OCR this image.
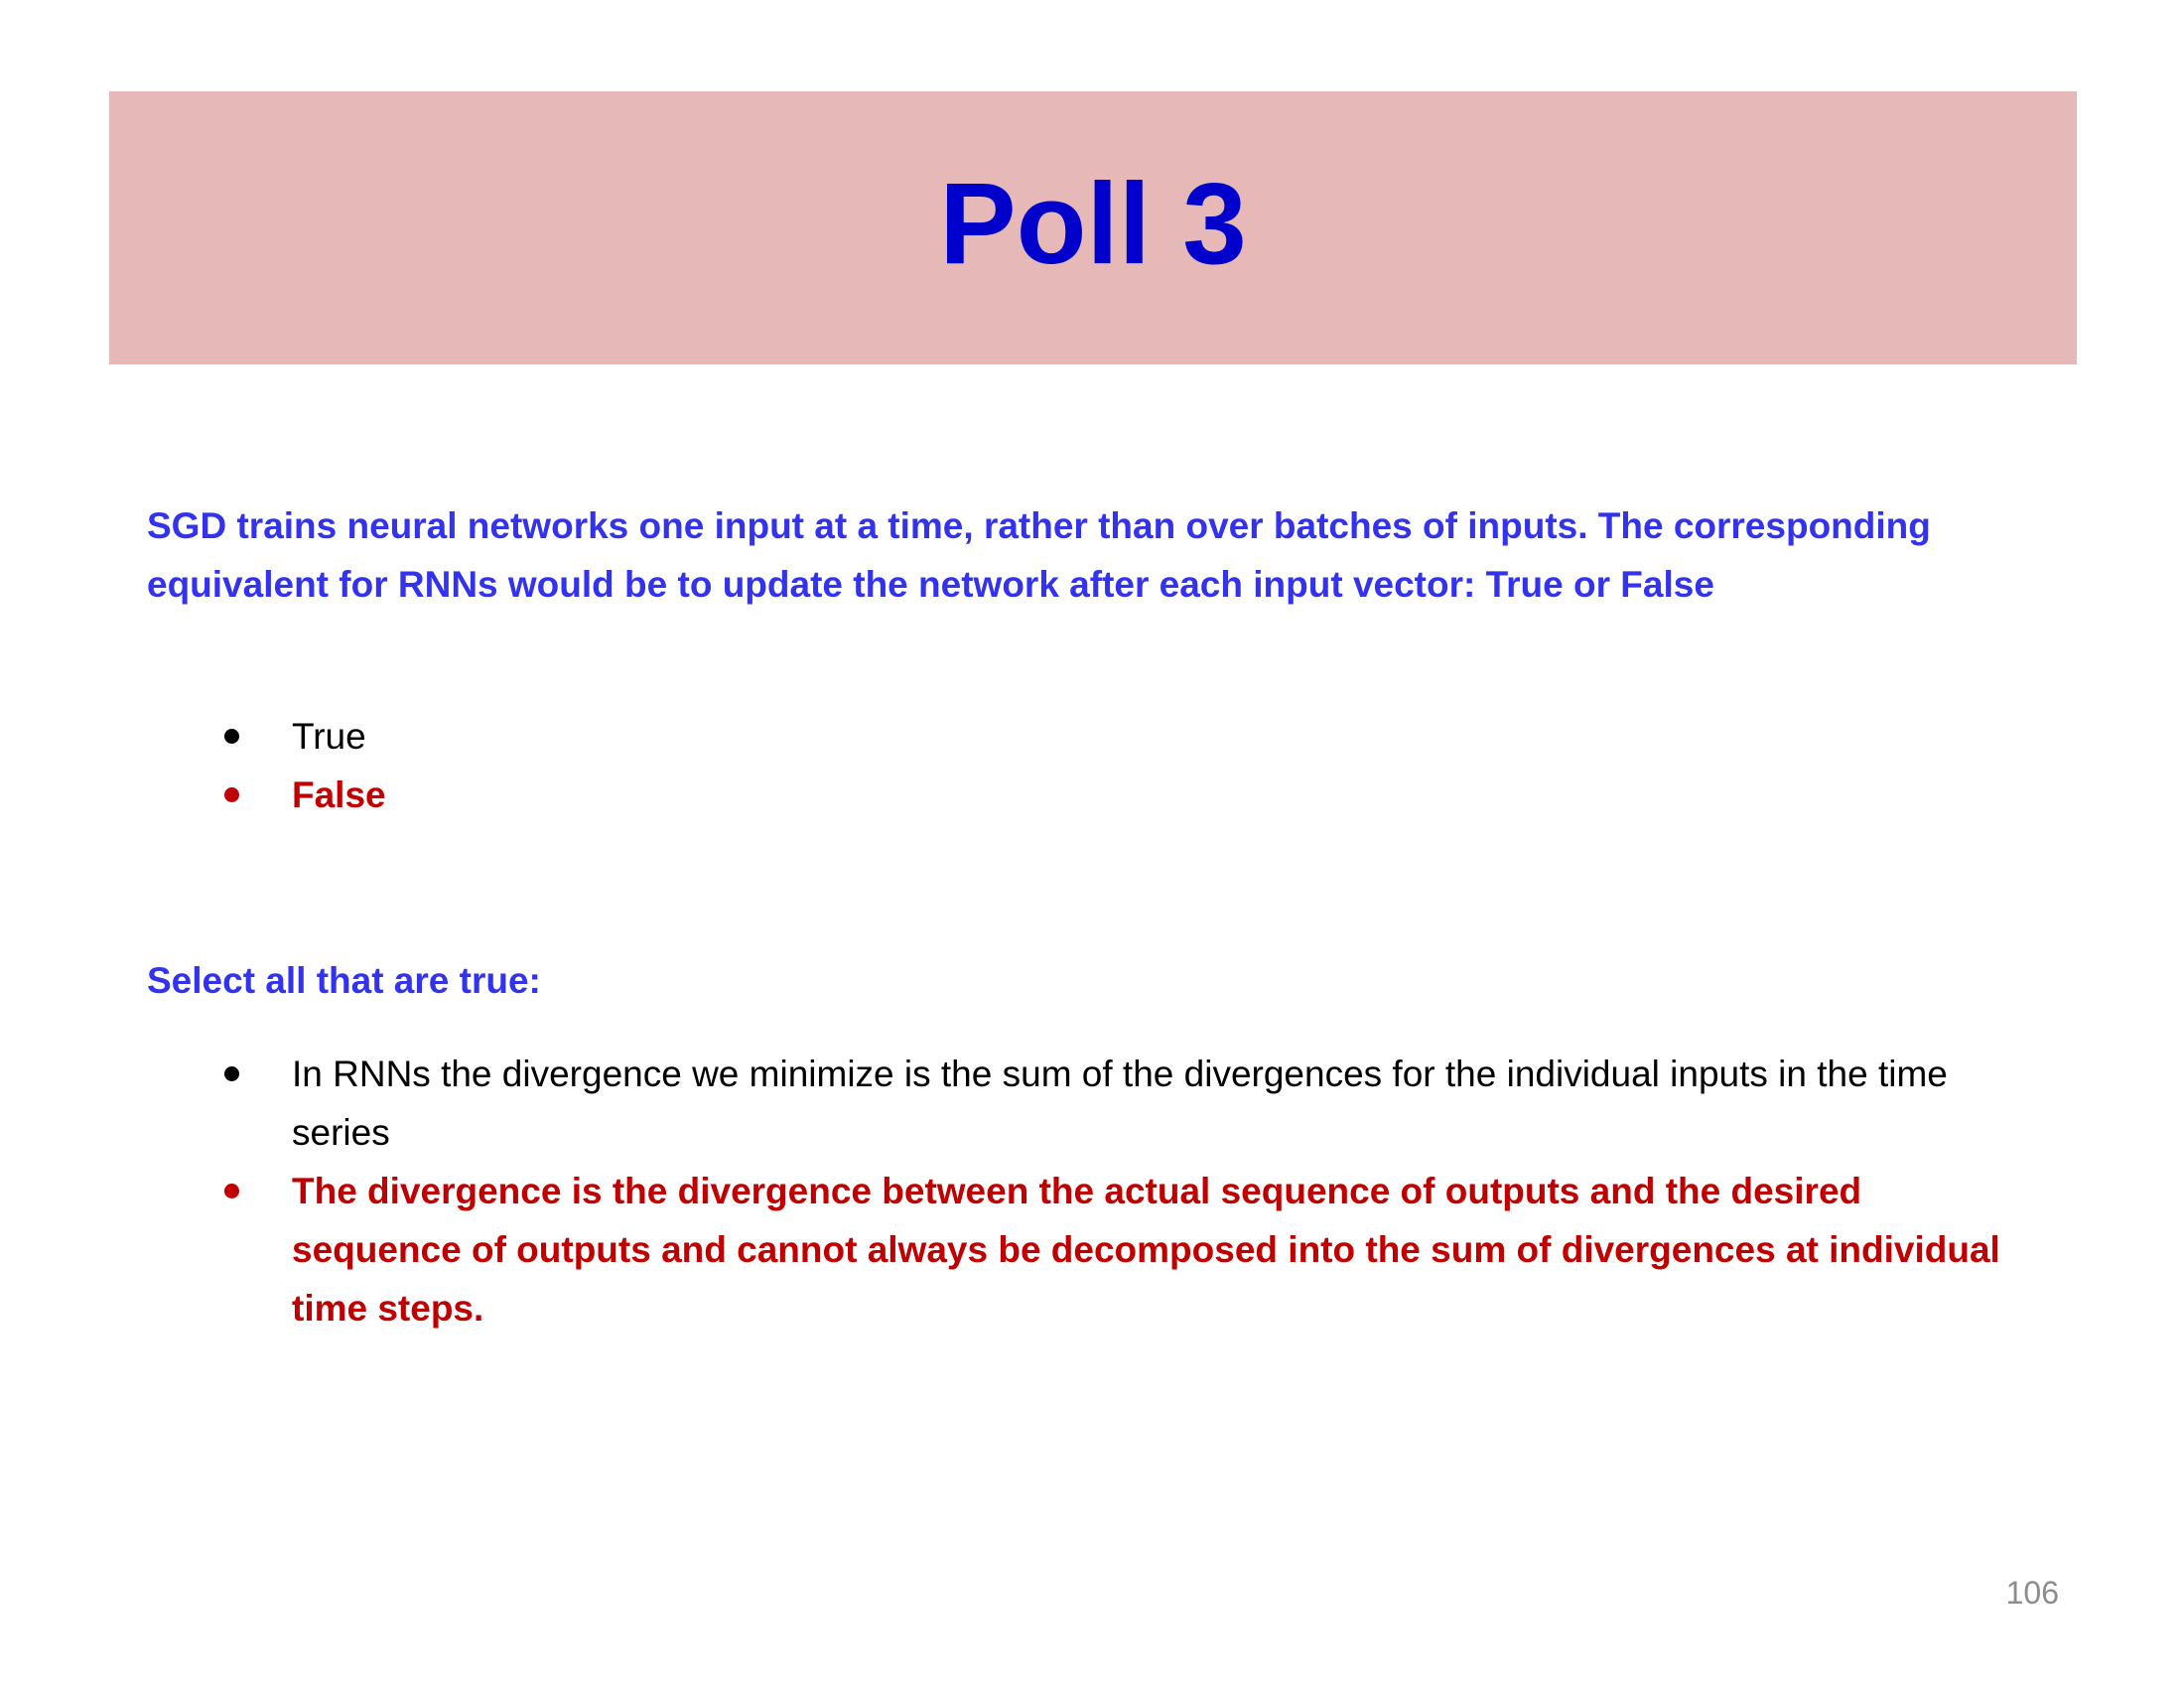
Poll 3

SGD trains neural networks one input at a time, rather than over batches of inputs. The corresponding equivalent for RNNs would be to update the network after each input vector: True or False

True
False

Select all that are true:

In RNNs the divergence we minimize is the sum of the divergences for the individual inputs in the time series
The divergence is the divergence between the actual sequence of outputs and the desired sequence of outputs and cannot always be decomposed into the sum of divergences at individual time steps.
106
